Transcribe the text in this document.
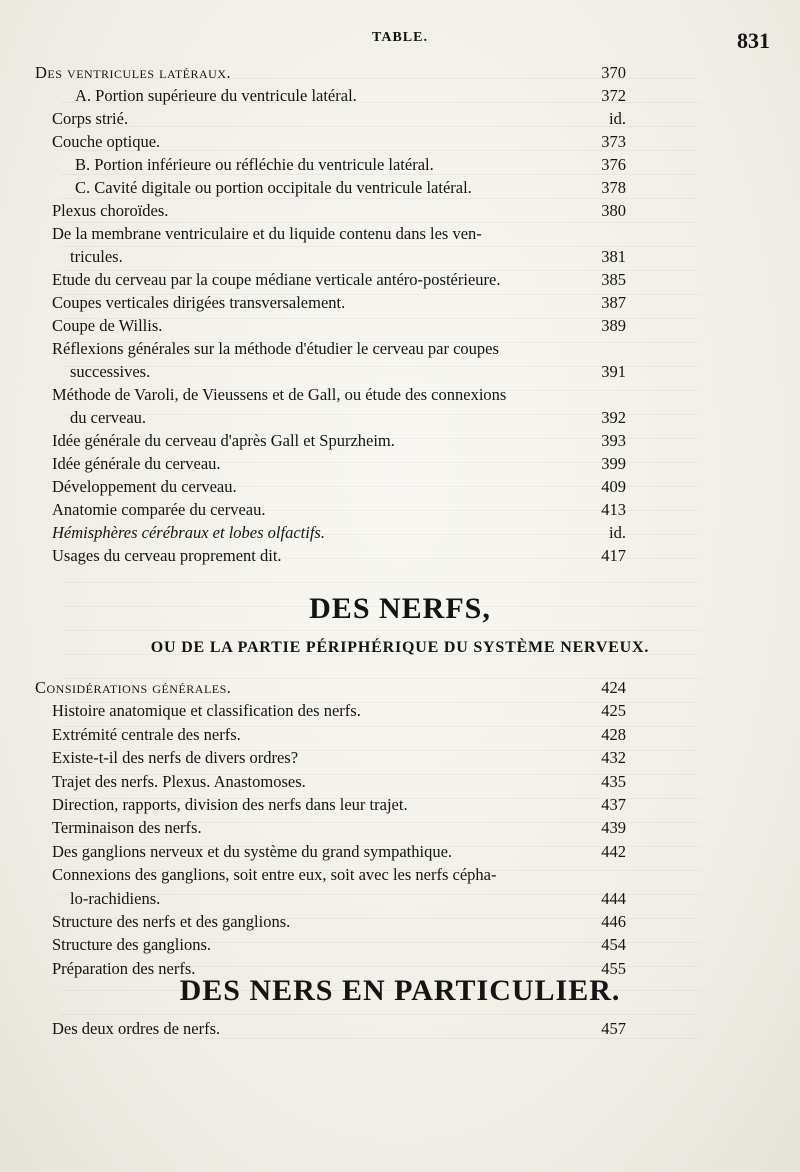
TABLE.	831
Des ventricules latéraux.	370
A. Portion supérieure du ventricule latéral.	372
Corps strié.	id.
Couche optique.	373
B. Portion inférieure ou réfléchie du ventricule latéral.	376
C. Cavité digitale ou portion occipitale du ventricule latéral.	378
Plexus choroïdes.	380
De la membrane ventriculaire et du liquide contenu dans les ven-
tricules.	381
Etude du cerveau par la coupe médiane verticale antéro-postérieure.	385
Coupes verticales dirigées transversalement.	387
Coupe de Willis.	389
Réflexions générales sur la méthode d'étudier le cerveau par coupes
successives.	391
Méthode de Varoli, de Vieussens et de Gall, ou étude des connexions
du cerveau.	392
Idée générale du cerveau d'après Gall et Spurzheim.	393
Idée générale du cerveau.	399
Développement du cerveau.	409
Anatomie comparée du cerveau.	413
Hémisphères cérébraux et lobes olfactifs.	id.
Usages du cerveau proprement dit.	417
DES NERFS,
OU DE LA PARTIE PÉRIPHÉRIQUE DU SYSTÈME NERVEUX.
Considérations générales.	424
Histoire anatomique et classification des nerfs.	425
Extrémité centrale des nerfs.	428
Existe-t-il des nerfs de divers ordres?	432
Trajet des nerfs. Plexus. Anastomoses.	435
Direction, rapports, division des nerfs dans leur trajet.	437
Terminaison des nerfs.	439
Des ganglions nerveux et du système du grand sympathique.	442
Connexions des ganglions, soit entre eux, soit avec les nerfs cépha-
lo-rachidiens.	444
Structure des nerfs et des ganglions.	446
Structure des ganglions.	454
Préparation des nerfs.	455
DES NERS EN PARTICULIER.
Des deux ordres de nerfs.	457
